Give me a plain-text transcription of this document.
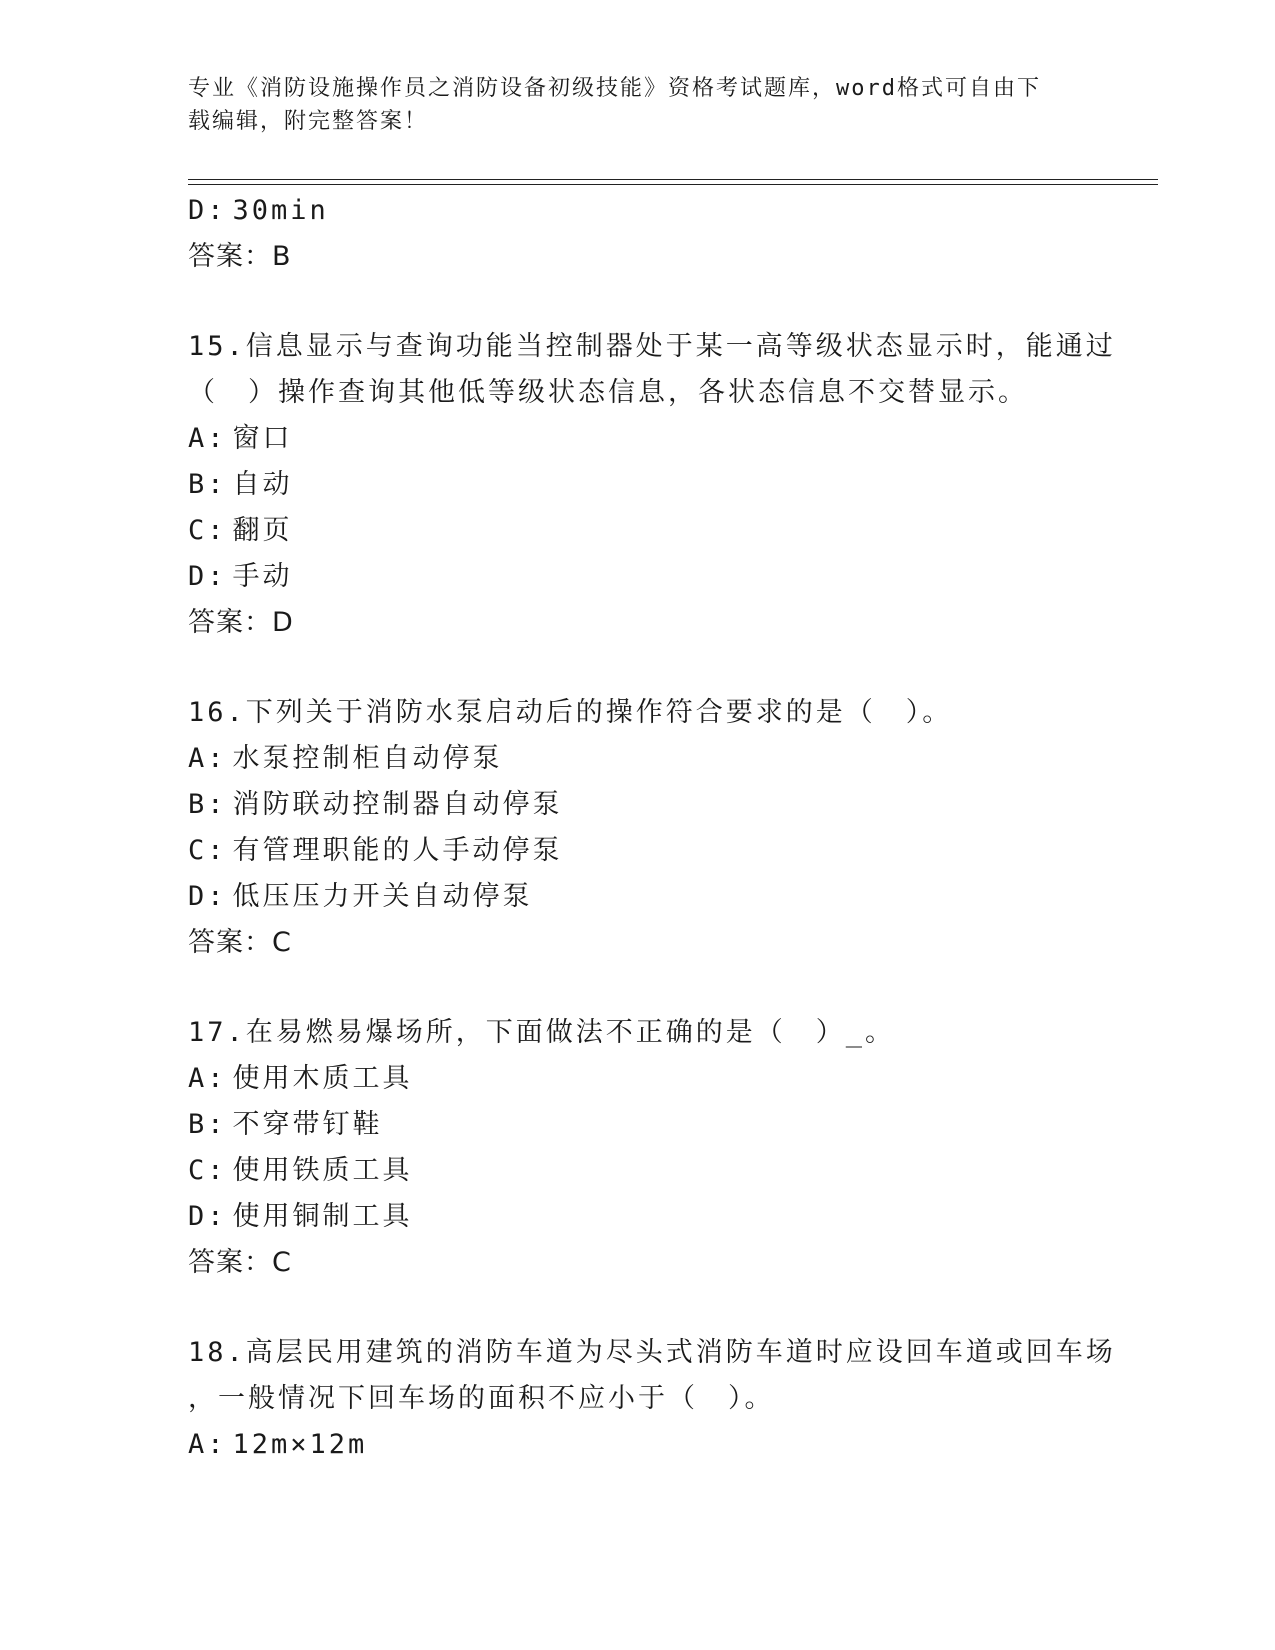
专业《消防设施操作员之消防设备初级技能》资格考试题库，word格式可自由下
载编辑，附完整答案！
D: 30min
答案：B
15.信息显示与查询功能当控制器处于某一高等级状态显示时，能通过
（　）操作查询其他低等级状态信息，各状态信息不交替显示。
A: 窗口
B: 自动
C: 翻页
D: 手动
答案：D
16.下列关于消防水泵启动后的操作符合要求的是（　）。
A: 水泵控制柜自动停泵
B: 消防联动控制器自动停泵
C: 有管理职能的人手动停泵
D: 低压压力开关自动停泵
答案：C
17.在易燃易爆场所，下面做法不正确的是（　）_。
A: 使用木质工具
B: 不穿带钉鞋
C: 使用铁质工具
D: 使用铜制工具
答案：C
18.高层民用建筑的消防车道为尽头式消防车道时应设回车道或回车场
，一般情况下回车场的面积不应小于（　）。
A: 12m×12m
